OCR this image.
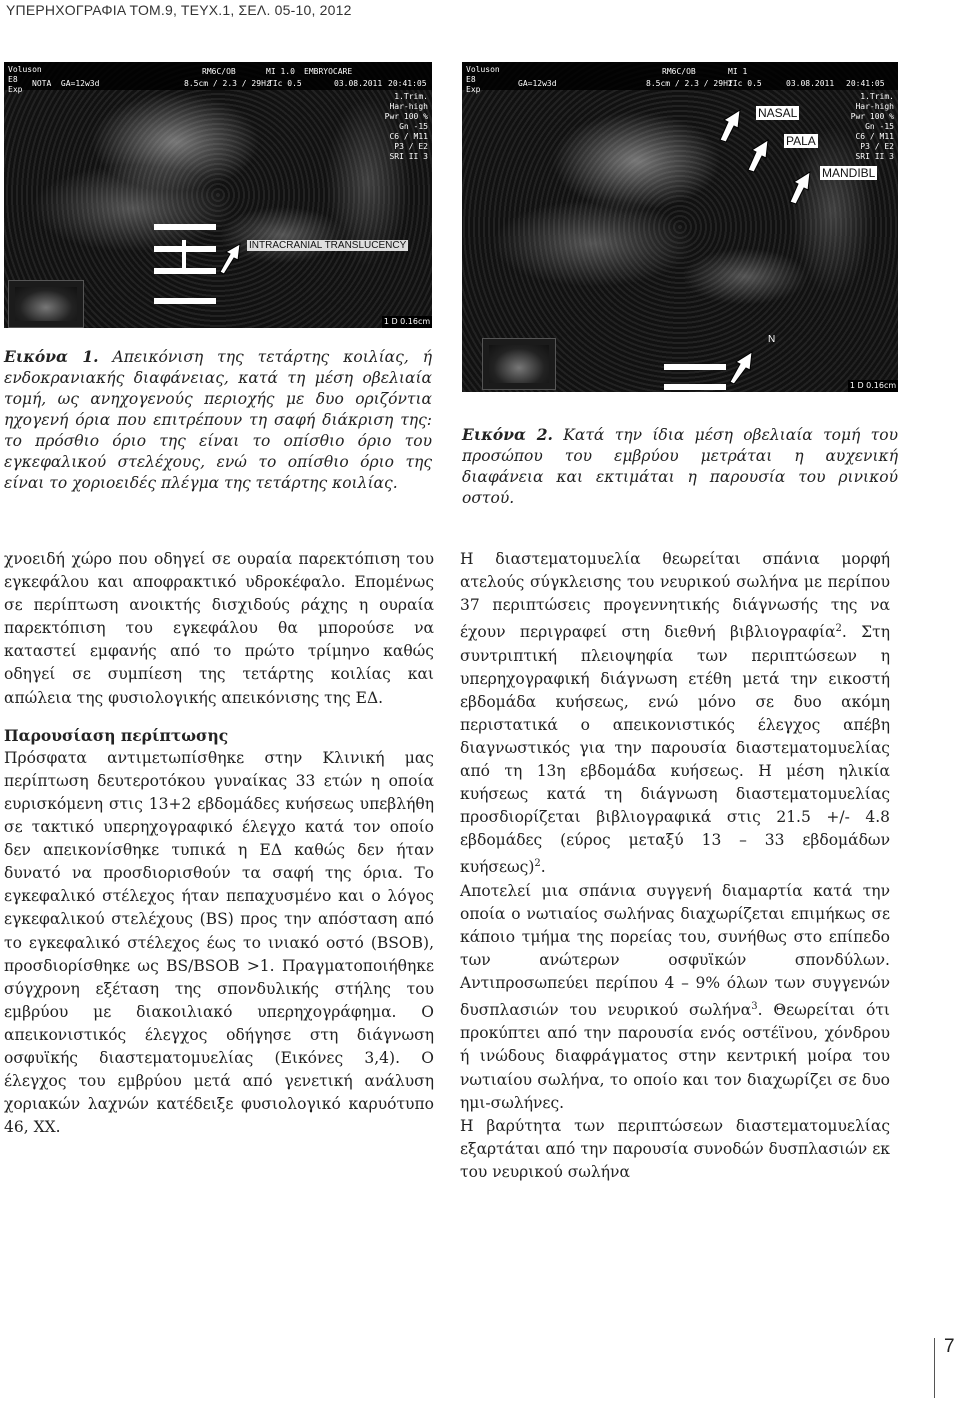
ΥΠΕΡΗΧΟΓΡΑΦΙΑ ΤΟΜ.9, ΤΕΥΧ.1, ΣΕΛ. 05-10, 2012
Voluson
E8
Exp
NOTA  GA=12w3d
RM6C/OB	MI 1.0 EMBRYOCARE
8.5cm / 2.3 / 29Hz
TIc 0.5	03.08.2011 20:41:05
1.Trim.
Har-high
Pwr 100 %
Gn -15
C6 / M11
P3 / E2
SRI II 3
INTRACRANIAL TRANSLUCENCY
1 D 0.16cm
Εικόνα 1. Απεικόνιση της τετάρτης κοιλίας, ή ενδοκρανιακής διαφάνειας, κατά τη μέση οβελιαία τομή, ως ανηχογενούς περιοχής με δυο οριζόντια ηχογενή όρια που επιτρέπουν τη σαφή διάκριση της: το πρόσθιο όριο της είναι το οπίσθιο όριο του εγκεφαλικού στελέχους, ενώ το οπίσθιο όριο της είναι το χοριοειδές πλέγμα της τετάρτης κοιλίας.
Voluson
E8
Exp
GA=12w3d
RM6C/OB	MI 1
8.5cm / 2.3 / 29Hz
TIc 0.5	03.08.2011 20:41:05
1.Trim.
Har-high
Pwr 100 %
Gn -15
C6 / M11
P3 / E2
SRI II 3
NASAL
PALA
MANDIBL
N
1 D 0.16cm
Εικόνα 2. Κατά την ίδια μέση οβελιαία τομή του προσώπου του εμβρύου μετράται η αυχενική διαφάνεια και εκτιμάται η παρουσία του ρινικού οστού.

χνοειδή χώρο που οδηγεί σε ουραία παρεκτόπιση του εγκεφάλου και αποφρακτικό υδροκέφαλο. Επομένως σε περίπτωση ανοικτής δισχιδούς ράχης η ουραία παρεκτόπιση του εγκεφάλου θα μπορούσε να καταστεί εμφανής από το πρώτο τρίμηνο καθώς οδηγεί σε συμπίεση της τετάρτης κοιλίας και απώλεια της φυσιολογικής απεικόνισης της ΕΔ.

Παρουσίαση περίπτωσης

Πρόσφατα αντιμετωπίσθηκε στην Κλινική μας περίπτωση δευτεροτόκου γυναίκας 33 ετών η οποία ευρισκόμενη στις 13+2 εβδομάδες κυήσεως υπεβλήθη σε τακτικό υπερηχογραφικό έλεγχο κατά τον οποίο δεν απεικονίσθηκε τυπικά η ΕΔ καθώς δεν ήταν δυνατό να προσδιορισθούν τα σαφή της όρια. Το εγκεφαλικό στέλεχος ήταν πεπαχυσμένο και ο λόγος εγκεφαλικού στελέχους (BS) προς την απόσταση από το εγκεφαλικό στέλεχος έως το ινιακό οστό (BSOB), προσδιορίσθηκε ως BS/BSOB >1. Πραγματοποιήθηκε σύγχρονη εξέταση της σπονδυλικής στήλης του εμβρύου με διακοιλιακό υπερηχογράφημα. Ο απεικονιστικός έλεγχος οδήγησε στη διάγνωση οσφυϊκής διαστεματομυελίας (Εικόνες 3,4). Ο έλεγχος του εμβρύου μετά από γενετική ανάλυση χοριακών λαχνών κατέδειξε φυσιολογικό καρυότυπο 46, XX.

Η διαστεματομυελία θεωρείται σπάνια μορφή ατελούς σύγκλεισης του νευρικού σωλήνα με περίπου 37 περιπτώσεις προγεννητικής διάγνωσής της να έχουν περιγραφεί στη διεθνή βιβλιογραφία$^2$. Στη συντριπτική πλειοψηφία των περιπτώσεων η υπερηχογραφική διάγνωση ετέθη μετά την εικοστή εβδομάδα κυήσεως, ενώ μόνο σε δυο ακόμη περιστατικά ο απεικονιστικός έλεγχος απέβη διαγνωστικός για την παρουσία διαστεματομυελίας από τη 13η εβδομάδα κυήσεως. Η μέση ηλικία κυήσεως κατά τη διάγνωση διαστεματομυελίας προσδιορίζεται βιβλιογραφικά στις 21.5 +/- 4.8 εβδομάδες (εύρος μεταξύ 13 – 33 εβδομάδων κυήσεως)$^2$.

Αποτελεί μια σπάνια συγγενή διαμαρτία κατά την οποία ο νωτιαίος σωλήνας διαχωρίζεται επιμήκως σε κάποιο τμήμα της πορείας του, συνήθως στο επίπεδο των ανώτερων οσφυϊκών σπονδύλων. Αντιπροσωπεύει περίπου 4 – 9% όλων των συγγενών δυσπλασιών του νευρικού σωλήνα$^3$. Θεωρείται ότι προκύπτει από την παρουσία ενός οστέϊνου, χόνδρου ή ινώδους διαφράγματος στην κεντρική μοίρα του νωτιαίου σωλήνα, το οποίο και τον διαχωρίζει σε δυο ημι-σωλήνες.

Η βαρύτητα των περιπτώσεων διαστεματομυελίας εξαρτάται από την παρουσία συνοδών δυσπλασιών εκ του νευρικού σωλήνα

7
